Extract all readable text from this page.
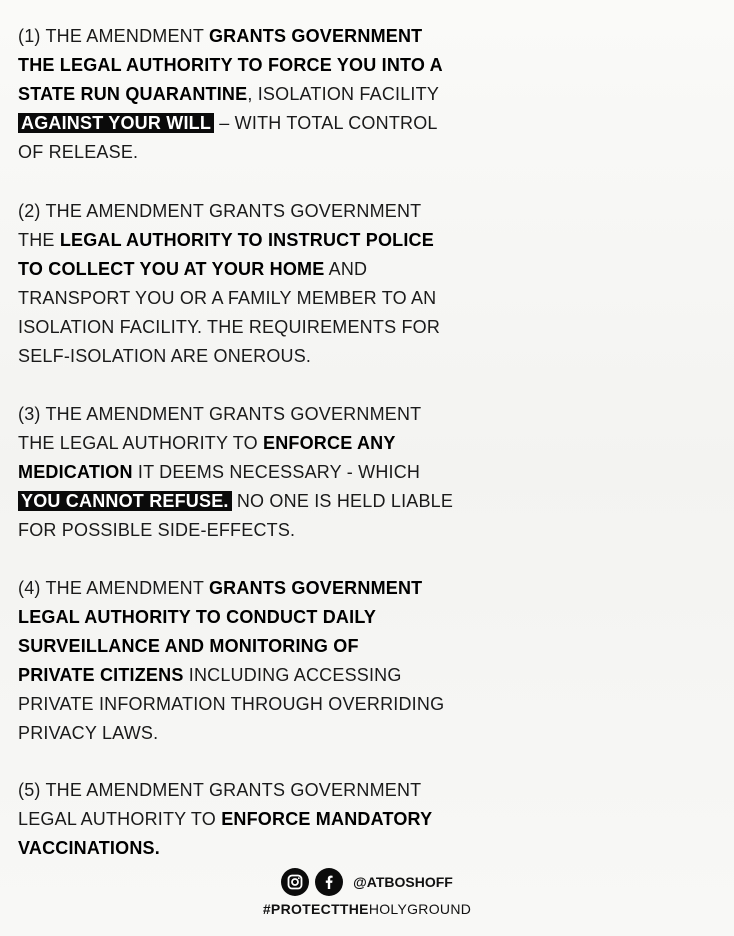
(1) THE AMENDMENT GRANTS GOVERNMENT
THE LEGAL AUTHORITY TO FORCE YOU INTO A
STATE RUN QUARANTINE, ISOLATION FACILITY
AGAINST YOUR WILL – WITH TOTAL CONTROL
OF RELEASE.
(2) THE AMENDMENT GRANTS GOVERNMENT
THE LEGAL AUTHORITY TO INSTRUCT POLICE
TO COLLECT YOU AT YOUR HOME AND
TRANSPORT YOU OR A FAMILY MEMBER TO AN
ISOLATION FACILITY. THE REQUIREMENTS FOR
SELF-ISOLATION ARE ONEROUS.
(3) THE AMENDMENT GRANTS GOVERNMENT
THE LEGAL AUTHORITY TO ENFORCE ANY
MEDICATION IT DEEMS NECESSARY - WHICH
YOU CANNOT REFUSE. NO ONE IS HELD LIABLE
FOR POSSIBLE SIDE-EFFECTS.
(4) THE AMENDMENT GRANTS GOVERNMENT
LEGAL AUTHORITY TO CONDUCT DAILY
SURVEILLANCE AND MONITORING OF
PRIVATE CITIZENS INCLUDING ACCESSING
PRIVATE INFORMATION THROUGH OVERRIDING
PRIVACY LAWS.
(5) THE AMENDMENT GRANTS GOVERNMENT
LEGAL AUTHORITY TO ENFORCE MANDATORY
VACCINATIONS.
@ATBOSHOFF
#PROTECTTHEHOLYGROUND
